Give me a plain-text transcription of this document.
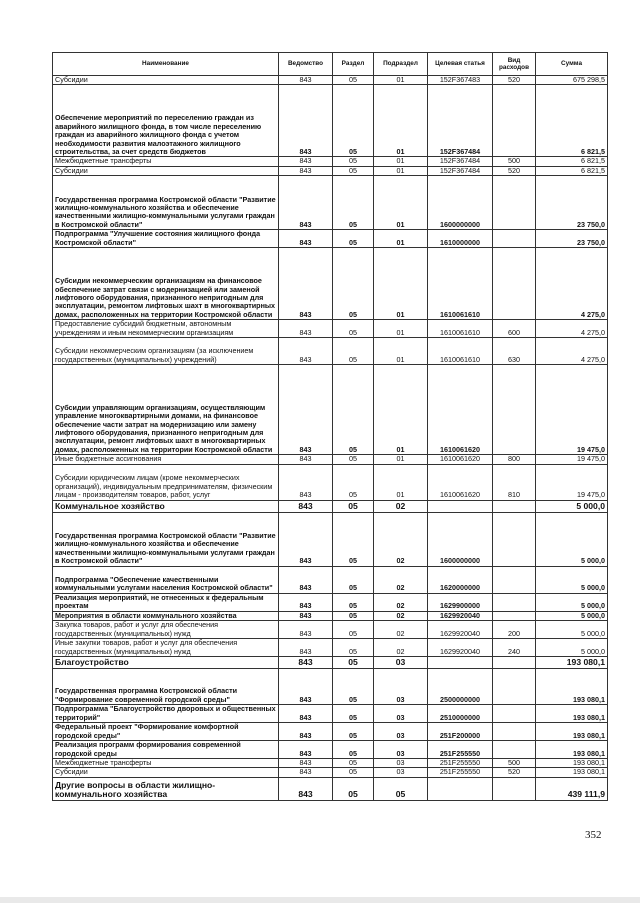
Наименование	Ведомство	Раздел	Подраздел	Целевая статья	Вид расходов	Сумма
Субсидии	843	05	01	152F367483	520	675 298,5
Обеспечение мероприятий по переселению граждан из аварийного жилищного фонда, в том числе переселению граждан из аварийного жилищного фонда с учетом необходимости развития малоэтажного жилищного строительства, за счет средств бюджетов	843	05	01	152F367484		6 821,5
Межбюджетные трансферты	843	05	01	152F367484	500	6 821,5
Субсидии	843	05	01	152F367484	520	6 821,5
Государственная программа Костромской области "Развитие жилищно-коммунального хозяйства и обеспечение качественными жилищно-коммунальными услугами граждан в Костромской области"	843	05	01	1600000000		23 750,0
Подпрограмма "Улучшение состояния жилищного фонда Костромской области"	843	05	01	1610000000		23 750,0
Субсидии некоммерческим организациям на финансовое обеспечение затрат связи с модернизацией или заменой лифтового оборудования, признанного непригодным для эксплуатации, ремонтом лифтовых шахт в многоквартирных домах, расположенных на территории Костромской области	843	05	01	1610061610		4 275,0
Предоставление субсидий бюджетным, автономным учреждениям и иным некоммерческим организациям	843	05	01	1610061610	600	4 275,0
Субсидии некоммерческим организациям (за исключением государственных (муниципальных) учреждений)	843	05	01	1610061610	630	4 275,0
Субсидии управляющим организациям, осуществляющим управление многоквартирными домами, на финансовое обеспечение части затрат на модернизацию или замену лифтового оборудования, признанного непригодным для эксплуатации, ремонт лифтовых шахт в многоквартирных домах, расположенных на территории Костромской области	843	05	01	1610061620		19 475,0
Иные бюджетные ассигнования	843	05	01	1610061620	800	19 475,0
Субсидии юридическим лицам (кроме некоммерческих организаций), индивидуальным предпринимателям, физическим лицам - производителям товаров, работ, услуг	843	05	01	1610061620	810	19 475,0
Коммунальное хозяйство	843	05	02			5 000,0
Государственная программа Костромской области "Развитие жилищно-коммунального хозяйства и обеспечение качественными жилищно-коммунальными услугами граждан в Костромской области"	843	05	02	1600000000		5 000,0
Подпрограмма "Обеспечение качественными коммунальными услугами населения Костромской области"	843	05	02	1620000000		5 000,0
Реализация мероприятий, не отнесенных к федеральным проектам	843	05	02	1629900000		5 000,0
Мероприятия в области коммунального хозяйства	843	05	02	1629920040		5 000,0
Закупка товаров, работ и услуг для обеспечения государственных (муниципальных) нужд	843	05	02	1629920040	200	5 000,0
Иные закупки товаров, работ и услуг для обеспечения государственных (муниципальных) нужд	843	05	02	1629920040	240	5 000,0
Благоустройство	843	05	03			193 080,1
Государственная программа Костромской области "Формирование современной городской среды"	843	05	03	2500000000		193 080,1
Подпрограмма "Благоустройство дворовых и общественных территорий"	843	05	03	2510000000		193 080,1
Федеральный проект "Формирование комфортной городской среды"	843	05	03	251F200000		193 080,1
Реализация программ формирования современной городской среды	843	05	03	251F255550		193 080,1
Межбюджетные трансферты	843	05	03	251F255550	500	193 080,1
Субсидии	843	05	03	251F255550	520	193 080,1
Другие вопросы в области жилищно-коммунального хозяйства	843	05	05			439 111,9
352
